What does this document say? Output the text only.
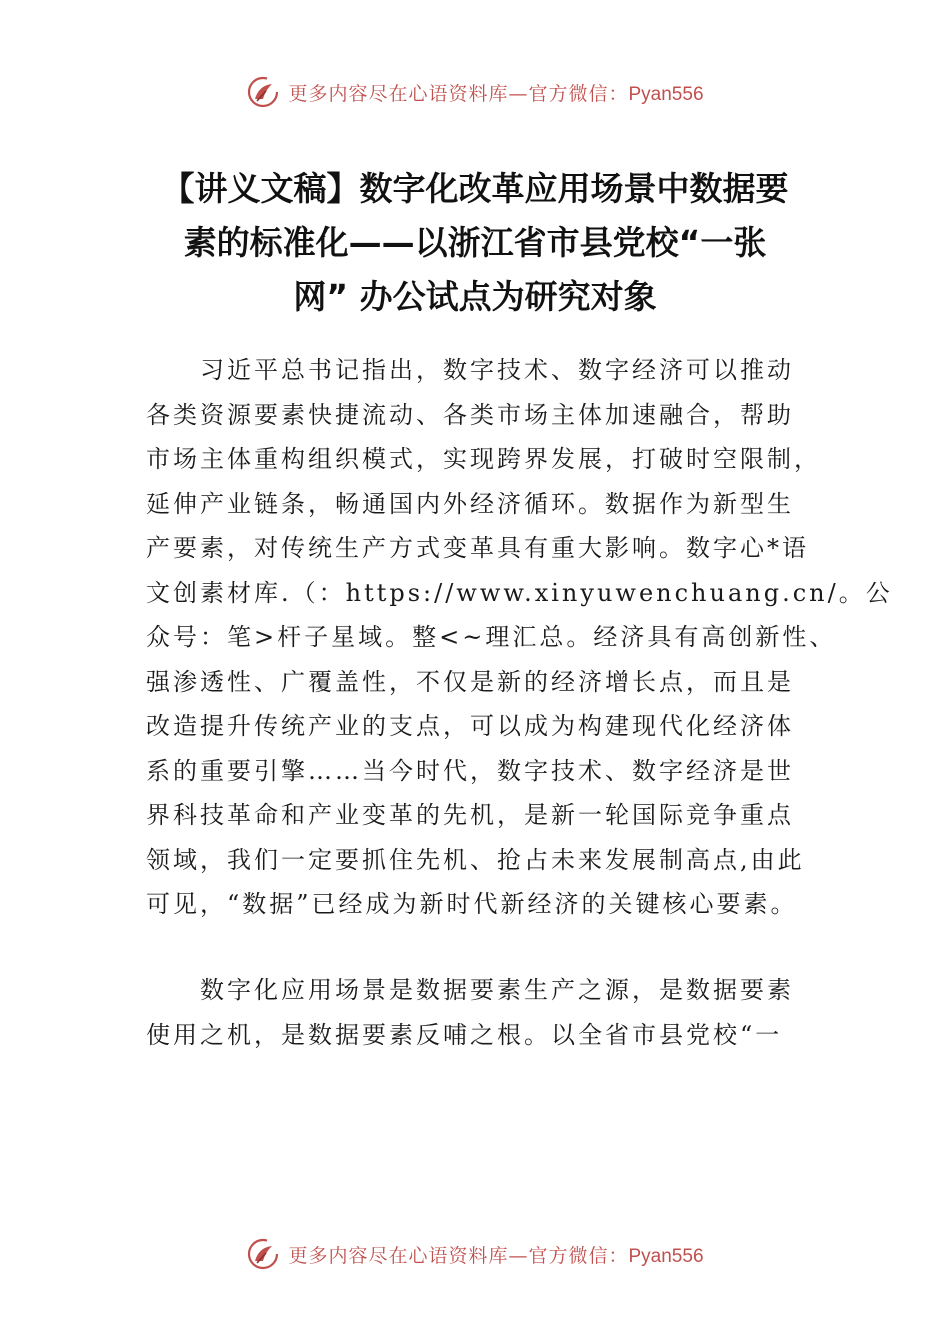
更多内容尽在心语资料库—官方微信：Pyan556
【讲义文稿】数字化改革应用场景中数据要
素的标准化——以浙江省市县党校“一张
网” 办公试点为研究对象
　　习近平总书记指出，数字技术、数字经济可以推动
各类资源要素快捷流动、各类市场主体加速融合，帮助
市场主体重构组织模式，实现跨界发展，打破时空限制，
延伸产业链条，畅通国内外经济循环。数据作为新型生
产要素，对传统生产方式变革具有重大影响。数字心*语
文创素材库.（：https://www.xinyuwenchuang.cn/。公
众号：笔>杆子星域。整<~理汇总。经济具有高创新性、
强渗透性、广覆盖性，不仅是新的经济增长点，而且是
改造提升传统产业的支点，可以成为构建现代化经济体
系的重要引擎……当今时代，数字技术、数字经济是世
界科技革命和产业变革的先机，是新一轮国际竞争重点
领域，我们一定要抓住先机、抢占未来发展制高点,由此
可见，“数据”已经成为新时代新经济的关键核心要素。
　　数字化应用场景是数据要素生产之源，是数据要素
使用之机，是数据要素反哺之根。以全省市县党校“一
更多内容尽在心语资料库—官方微信：Pyan556
